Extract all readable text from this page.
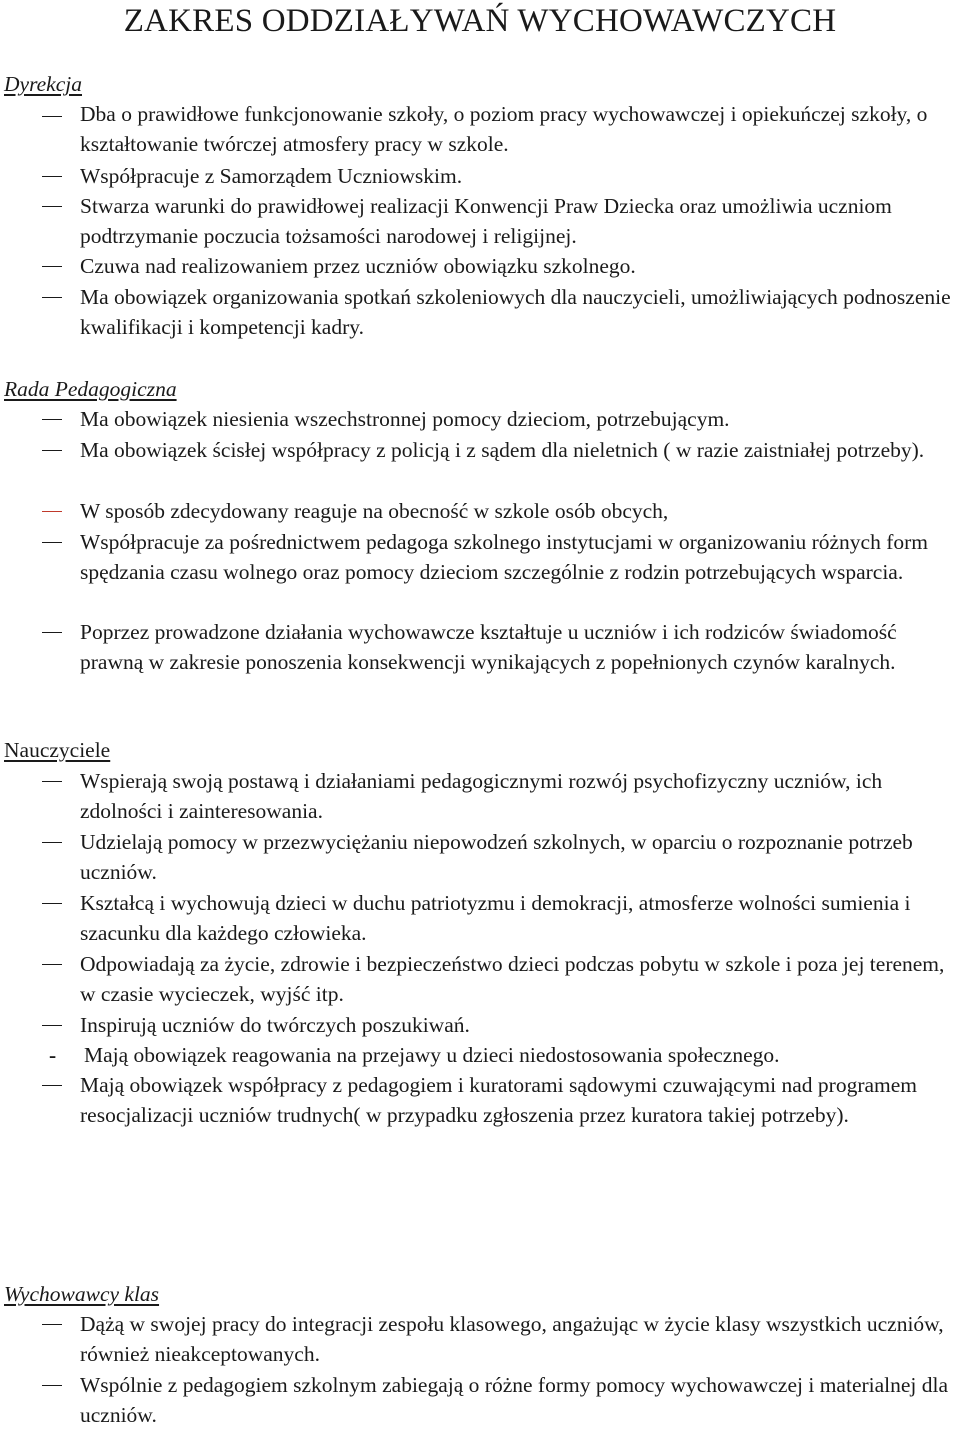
ZAKRES ODDZIAŁYWAŃ WYCHOWAWCZYCH
Dyrekcja
Dba o prawidłowe funkcjonowanie szkoły, o poziom pracy wychowawczej i opiekuńczej szkoły, o kształtowanie twórczej atmosfery pracy w szkole.
Współpracuje z Samorządem Uczniowskim.
Stwarza warunki do prawidłowej realizacji Konwencji Praw Dziecka oraz umożliwia uczniom podtrzymanie poczucia tożsamości narodowej i religijnej.
Czuwa nad realizowaniem przez uczniów obowiązku szkolnego.
Ma obowiązek organizowania spotkań szkoleniowych dla nauczycieli, umożliwiających podnoszenie kwalifikacji i kompetencji kadry.
Rada Pedagogiczna
Ma obowiązek niesienia wszechstronnej pomocy dzieciom, potrzebującym.
Ma obowiązek ścisłej współpracy z policją i z sądem dla nieletnich ( w razie zaistniałej potrzeby).
W sposób zdecydowany reaguje na obecność w szkole osób obcych,
Współpracuje za pośrednictwem pedagoga szkolnego instytucjami w organizowaniu różnych form spędzania czasu wolnego oraz pomocy dzieciom szczególnie z rodzin potrzebujących wsparcia.
Poprzez prowadzone działania wychowawcze kształtuje u uczniów i ich rodziców świadomość prawną w zakresie ponoszenia konsekwencji wynikających z popełnionych czynów karalnych.
Nauczyciele
Wspierają swoją postawą i działaniami pedagogicznymi rozwój psychofizyczny uczniów, ich zdolności i zainteresowania.
Udzielają pomocy w przezwyciężaniu niepowodzeń szkolnych, w oparciu o rozpoznanie potrzeb uczniów.
Kształcą i wychowują dzieci w duchu patriotyzmu i demokracji, atmosferze wolności sumienia i szacunku dla każdego człowieka.
Odpowiadają za życie, zdrowie i bezpieczeństwo dzieci podczas pobytu w szkole i poza jej terenem, w czasie wycieczek, wyjść itp.
Inspirują uczniów do twórczych poszukiwań.
- Mają obowiązek reagowania na przejawy u dzieci niedostosowania społecznego.
Mają obowiązek współpracy z pedagogiem i kuratorami sądowymi czuwającymi nad programem resocjalizacji uczniów trudnych( w przypadku zgłoszenia przez kuratora takiej potrzeby).
Wychowawcy klas
Dążą w swojej pracy do integracji zespołu klasowego, angażując w życie klasy wszystkich uczniów, również nieakceptowanych.
Wspólnie z pedagogiem szkolnym zabiegają o różne formy pomocy wychowawczej i materialnej dla uczniów.
